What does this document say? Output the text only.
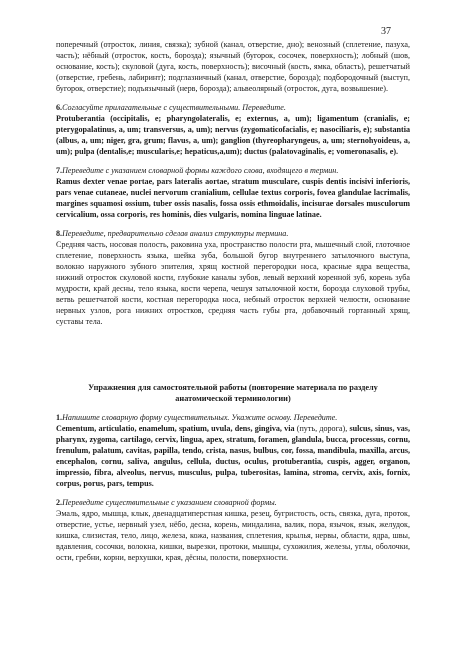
37

поперечный (отросток, линия, связка); зубной (канал, отверстие, дно); венозный (сплетение, пазуха, часть); нёбный (отросток, кость, борозда); язычный (бугорок, сосочек, поверхность); лобный (шов, основание, кость); скуловой (дуга, кость, поверхность); височный (кость, ямка, область), решетчатый (отверстие, гребень, лабиринт); подглазничный (канал, отверстие, борозда); подбородочный (выступ, бугорок, отверстие); подъязычный (нерв, борозда); альвеолярный (отросток, дуга, возвышение).

6.Согласуйте прилагательные с существительными. Переведите.

Protuberantia (occipitalis, e; pharyngolateralis, e; externus, a, um); ligamentum (cranialis, e; pterygopalatinus, a, um; transversus, a, um); nervus (zygomaticofacialis, e; nasociliaris, e); substantia (albus, a, um; niger, gra, grum; flavus, a, um); ganglion (thyreopharyngeus, a, um; sternohyoideus, a, um); pulpa (dentalis,e; muscularis,e; hepaticus,a,um); ductus (palatovaginalis, e; vomeronasalis, e).

7.Переведите с указанием словарной формы каждого слова, входящего в термин.

Ramus dexter venae portae, pars lateralis aortae, stratum musculare, cuspis dentis incisivi inferioris, pars venae cutaneae, nuclei nervorum cranialium, cellulae textus corporis, fovea glandulae lacrimalis, margines squamosi ossium, tuber ossis nasalis, fossa ossis ethmoidalis, incisurae dorsales musculorum cervicalium, ossa corporis, res hominis, dies vulgaris, nomina linguae latinae.

8.Переведите, предварительно сделав анализ структуры термина.

Средняя часть, носовая полость, раковина уха, пространство полости рта, мышечный слой, глоточное сплетение, поверхность языка, шейка зуба, большой бугор внутреннего затылочного выступа, волокно наружного зубного эпителия, хрящ костной перегородки носа, красные ядра вещества, нижний отросток скуловой кости, глубокие каналы зубов, левый верхний коренной зуб, корень зуба мудрости, край десны, тело языка, кости черепа, чешуя затылочной кости, борозда слуховой трубы, ветвь решетчатой кости, костная перегородка носа, небный отросток верхней челюсти, основание нервных узлов, рога нижних отростков, средняя часть губы рта, добавочный гортанный хрящ, суставы тела.

Упражнения для самостоятельной работы (повторение материала по разделу анатомической терминологии)

1.Напишите словарную форму существительных. Укажите основу. Переведите.

Cementum, articulatio, enamelum, spatium, uvula, dens, gingiva, via (путь, дорога), sulcus, sinus, vas, pharynx, zygoma, cartilago, cervix, lingua, apex, stratum, foramen, glandula, bucca, processus, cornu, frenulum, palatum, cavitas, papilla, tendo, crista, nasus, bulbus, cor, fossa, mandibula, maxilla, arcus, encephalon, cornu, saliva, angulus, cellula, ductus, oculus, protuberantia, cuspis, agger, organon, impressio, fibra, alveolus, nervus, musculus, pulpa, tuberositas, lamina, stroma, cervix, axis, fornix, corpus, porus, pars, tempus.

2.Переведите существительные с указанием словарной формы.

Эмаль, ядро, мышца, клык, двенадцатиперстная кишка, резец, бугристость, ость, связка, дуга, проток, отверстие, устье, нервный узел, нёбо, десна, корень, миндалина, валик, пора, язычок, язык, желудок, кишка, слизистая, тело, лицо, железа, кожа, названия, сплетения, крылья, нервы, области, ядра, швы, вдавления, сосочки, волокна, кишки, вырезки, протоки, мышцы, сухожилия, железы, углы, оболочки, ости, гребни, корни, верхушки, края, дёсны, полости, поверхности.
